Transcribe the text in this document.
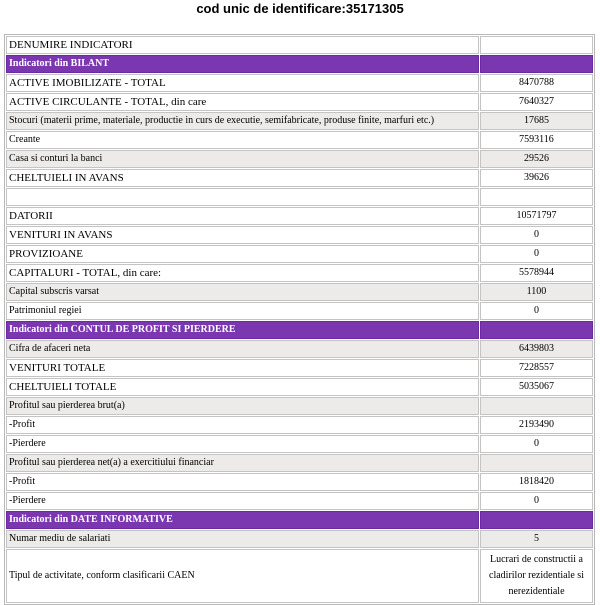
cod unic de identificare:35171305
DENUMIRE INDICATORI	
Indicatori din BILANT	
ACTIVE IMOBILIZATE - TOTAL	8470788
ACTIVE CIRCULANTE - TOTAL, din care	7640327
Stocuri (materii prime, materiale, productie in curs de executie, semifabricate, produse finite, marfuri etc.)	17685
Creante	7593116
Casa si conturi la banci	29526
CHELTUIELI IN AVANS	39626

DATORII	10571797
VENITURI IN AVANS	0
PROVIZIOANE	0
CAPITALURI - TOTAL, din care:	5578944
Capital subscris varsat	1100
Patrimoniul regiei	0
Indicatori din CONTUL DE PROFIT SI PIERDERE	
Cifra de afaceri neta	6439803
VENITURI TOTALE	7228557
CHELTUIELI TOTALE	5035067
Profitul sau pierderea brut(a)	
-Profit	2193490
-Pierdere	0
Profitul sau pierderea net(a) a exercitiului financiar	
-Profit	1818420
-Pierdere	0
Indicatori din DATE INFORMATIVE	
Numar mediu de salariati	5
Tipul de activitate, conform clasificarii CAEN	Lucrari de constructii a cladirilor rezidentiale si nerezidentiale
